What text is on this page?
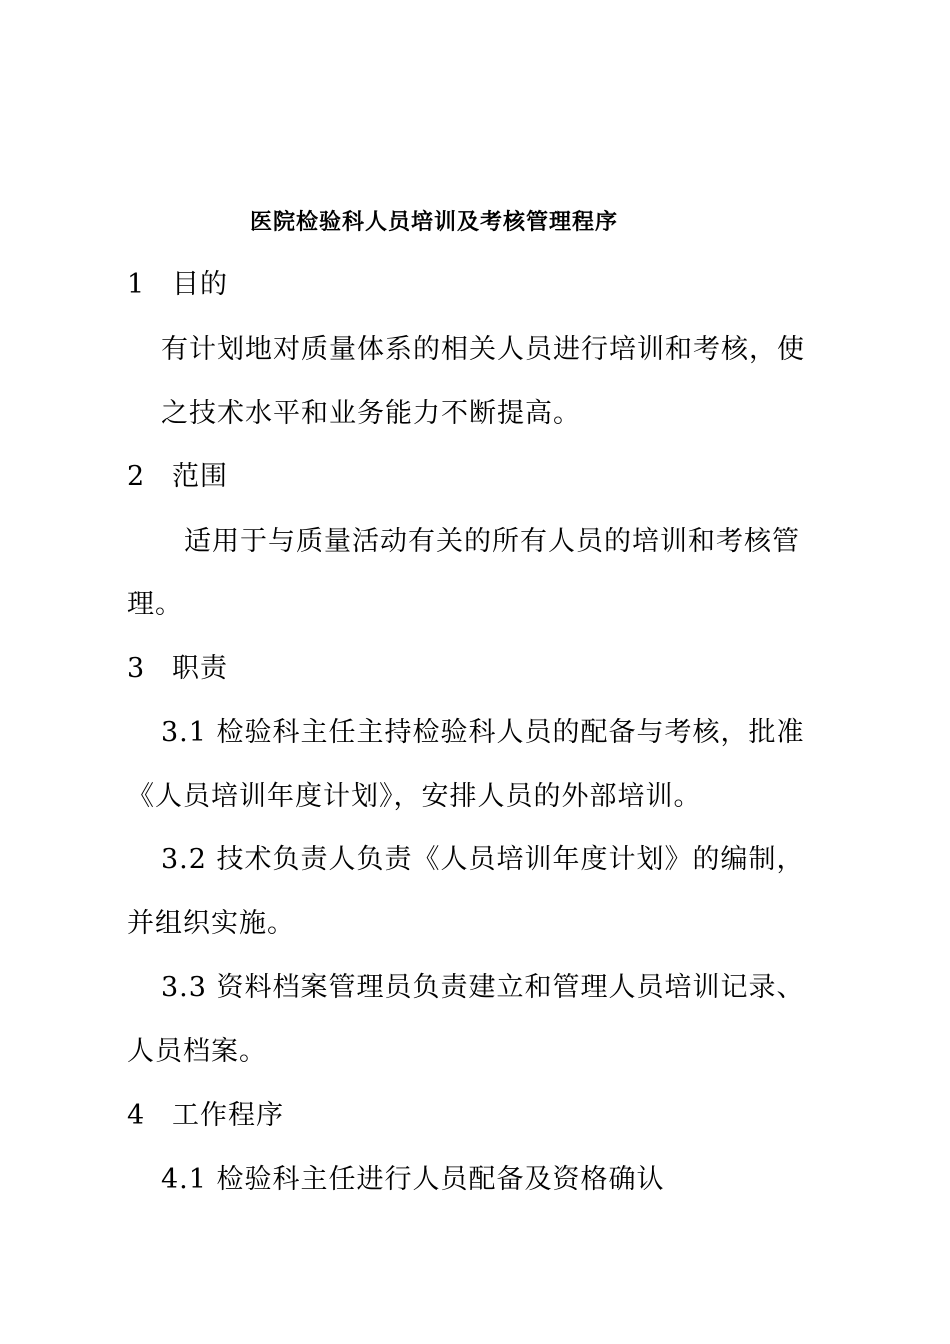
医院检验科人员培训及考核管理程序
1 目的
有计划地对质量体系的相关人员进行培训和考核，使
之技术水平和业务能力不断提高。
2 范围
适用于与质量活动有关的所有人员的培训和考核管
理。
3 职责
3.1 检验科主任主持检验科人员的配备与考核，批准
《人员培训年度计划》，安排人员的外部培训。
3.2 技术负责人负责《人员培训年度计划》的编制，
并组织实施。
3.3 资料档案管理员负责建立和管理人员培训记录、
人员档案。
4 工作程序
4.1 检验科主任进行人员配备及资格确认
